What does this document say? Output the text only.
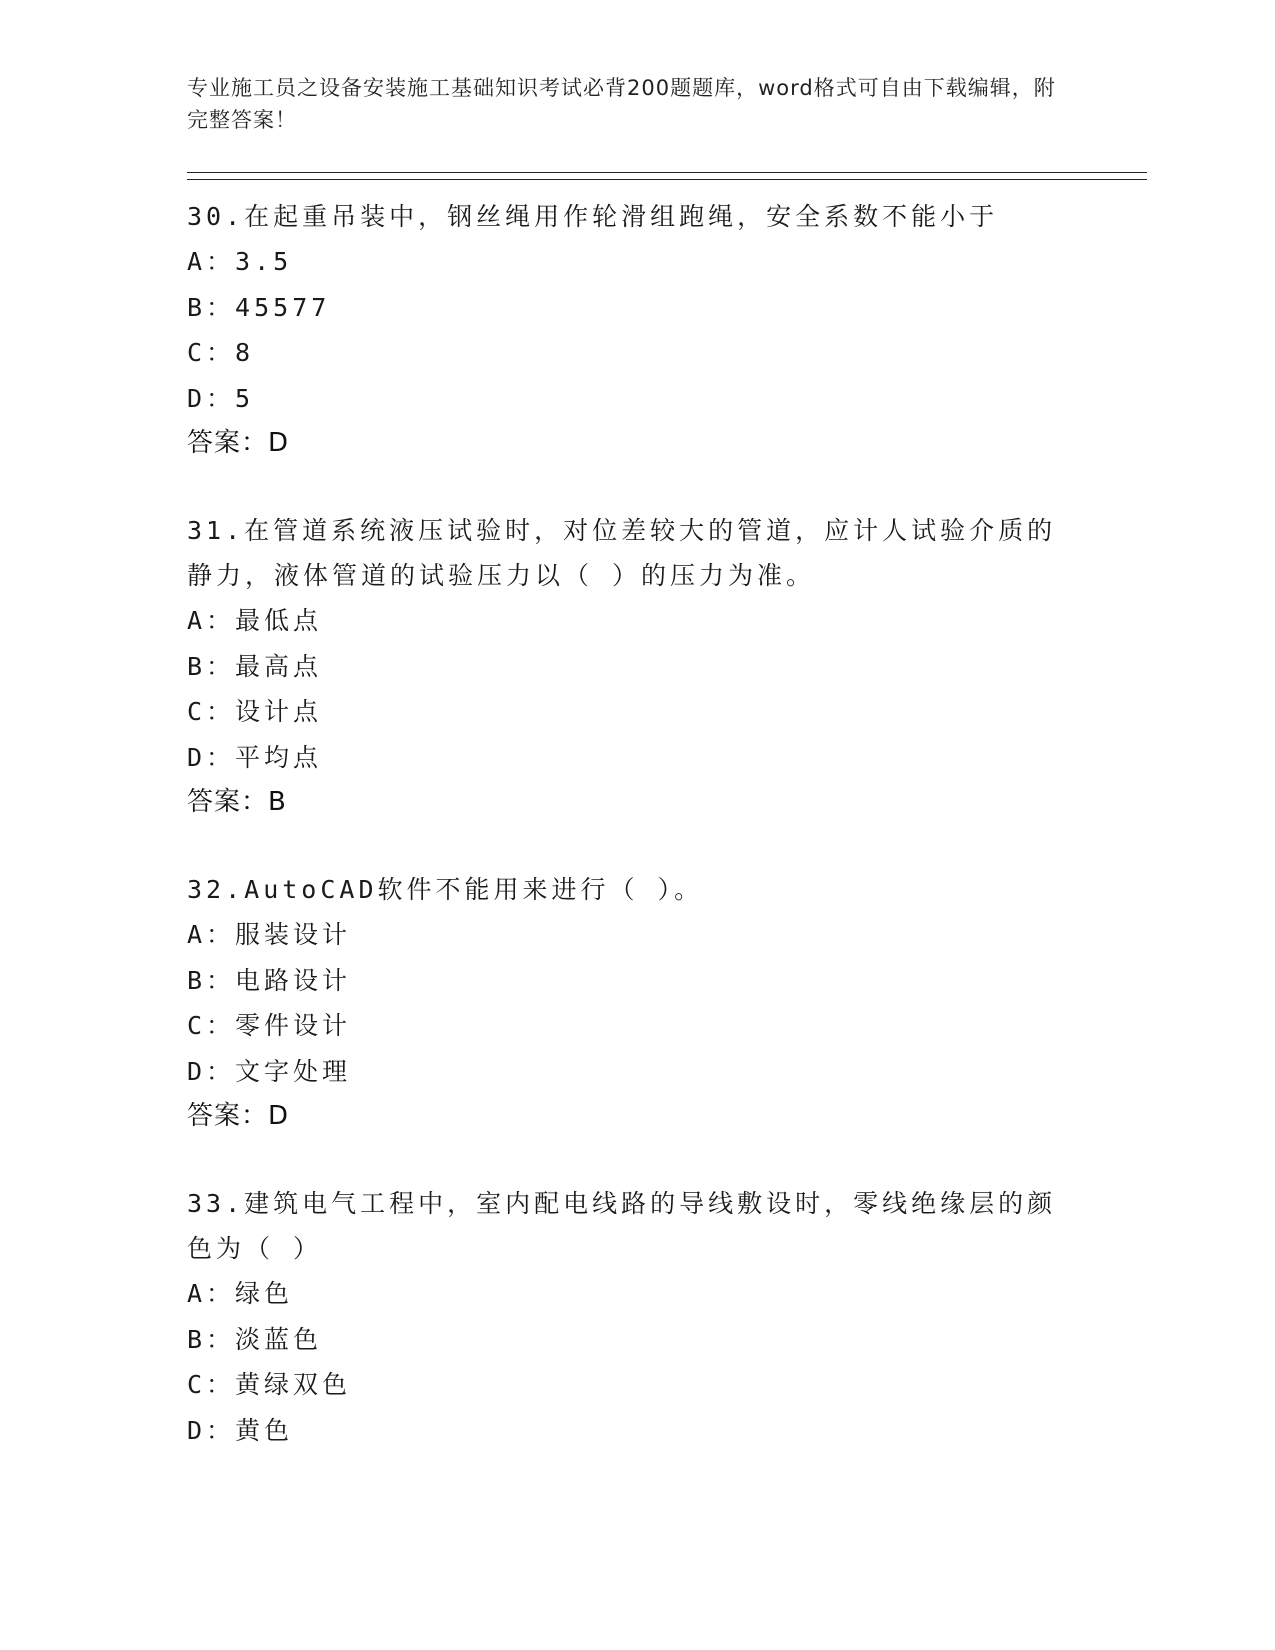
专业施工员之设备安装施工基础知识考试必背200题题库，word格式可自由下载编辑，附完整答案！
30.在起重吊装中，钢丝绳用作轮滑组跑绳，安全系数不能小于
A：3.5
B：45577
C：8
D：5
答案：D
31.在管道系统液压试验时，对位差较大的管道，应计人试验介质的静力，液体管道的试验压力以（ ）的压力为准。
A：最低点
B：最高点
C：设计点
D：平均点
答案：B
32.AutoCAD软件不能用来进行（ ）。
A：服装设计
B：电路设计
C：零件设计
D：文字处理
答案：D
33.建筑电气工程中，室内配电线路的导线敷设时，零线绝缘层的颜色为（ ）
A：绿色
B：淡蓝色
C：黄绿双色
D：黄色
